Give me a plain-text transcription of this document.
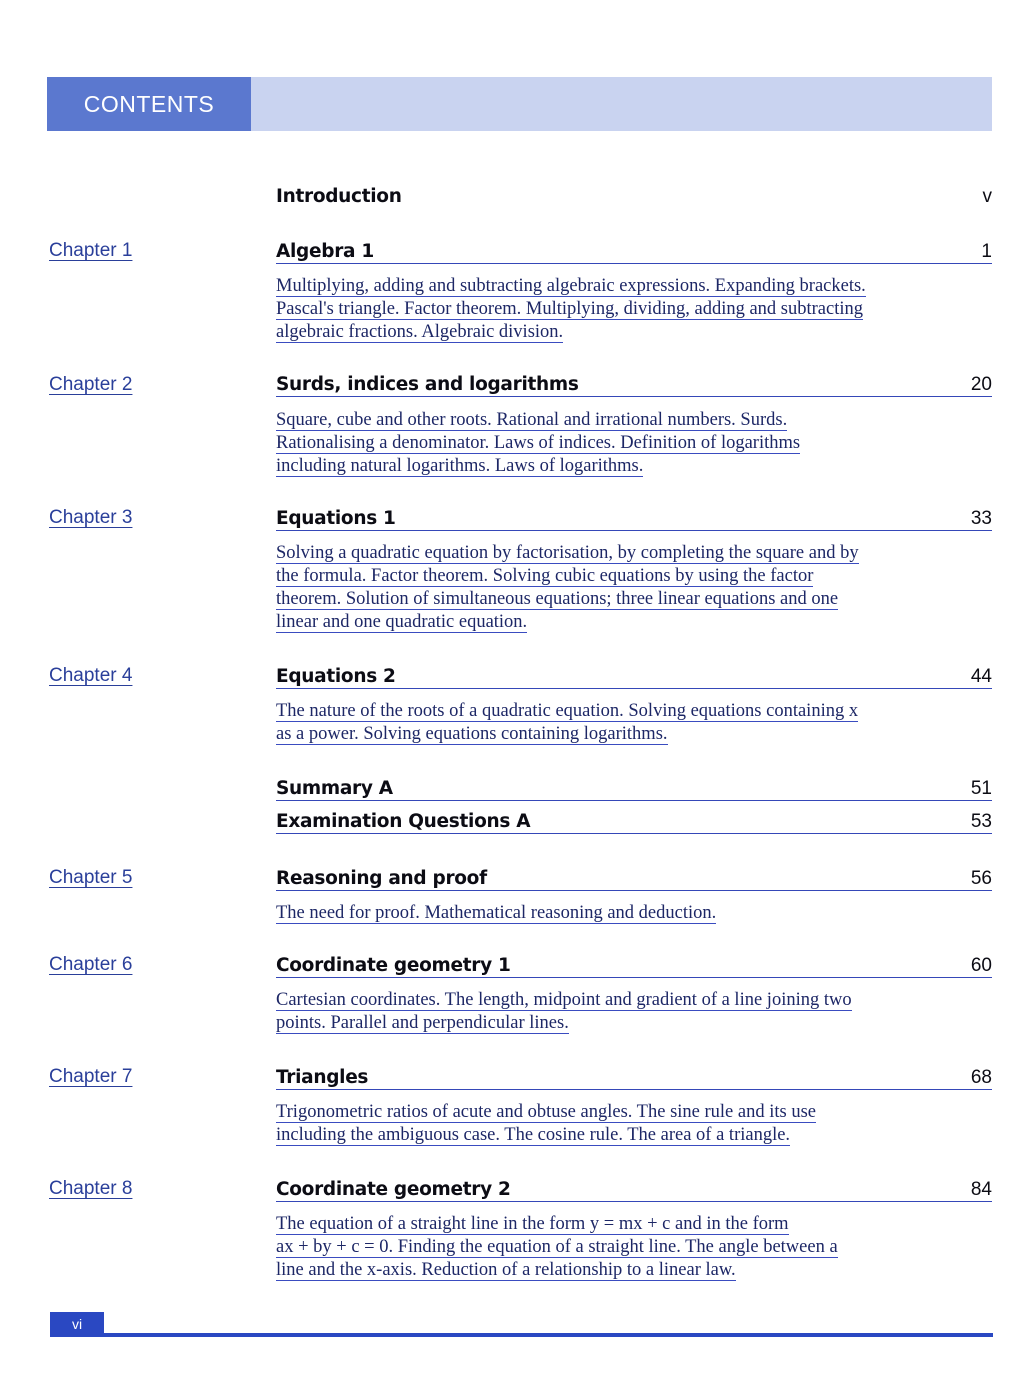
CONTENTS
Introduction	v
Chapter 1	Algebra 1	1
Multiplying, adding and subtracting algebraic expressions. Expanding brackets.
Pascal's triangle. Factor theorem. Multiplying, dividing, adding and subtracting
algebraic fractions. Algebraic division.
Chapter 2	Surds, indices and logarithms	20
Square, cube and other roots. Rational and irrational numbers. Surds.
Rationalising a denominator. Laws of indices. Definition of logarithms
including natural logarithms. Laws of logarithms.
Chapter 3	Equations 1	33
Solving a quadratic equation by factorisation, by completing the square and by
the formula. Factor theorem. Solving cubic equations by using the factor
theorem. Solution of simultaneous equations; three linear equations and one
linear and one quadratic equation.
Chapter 4	Equations 2	44
The nature of the roots of a quadratic equation. Solving equations containing x
as a power. Solving equations containing logarithms.
Summary A	51
Examination Questions A	53
Chapter 5	Reasoning and proof	56
The need for proof. Mathematical reasoning and deduction.
Chapter 6	Coordinate geometry 1	60
Cartesian coordinates. The length, midpoint and gradient of a line joining two
points. Parallel and perpendicular lines.
Chapter 7	Triangles	68
Trigonometric ratios of acute and obtuse angles. The sine rule and its use
including the ambiguous case. The cosine rule. The area of a triangle.
Chapter 8	Coordinate geometry 2	84
The equation of a straight line in the form y = mx + c and in the form
ax + by + c = 0. Finding the equation of a straight line. The angle between a
line and the x-axis. Reduction of a relationship to a linear law.
vi
